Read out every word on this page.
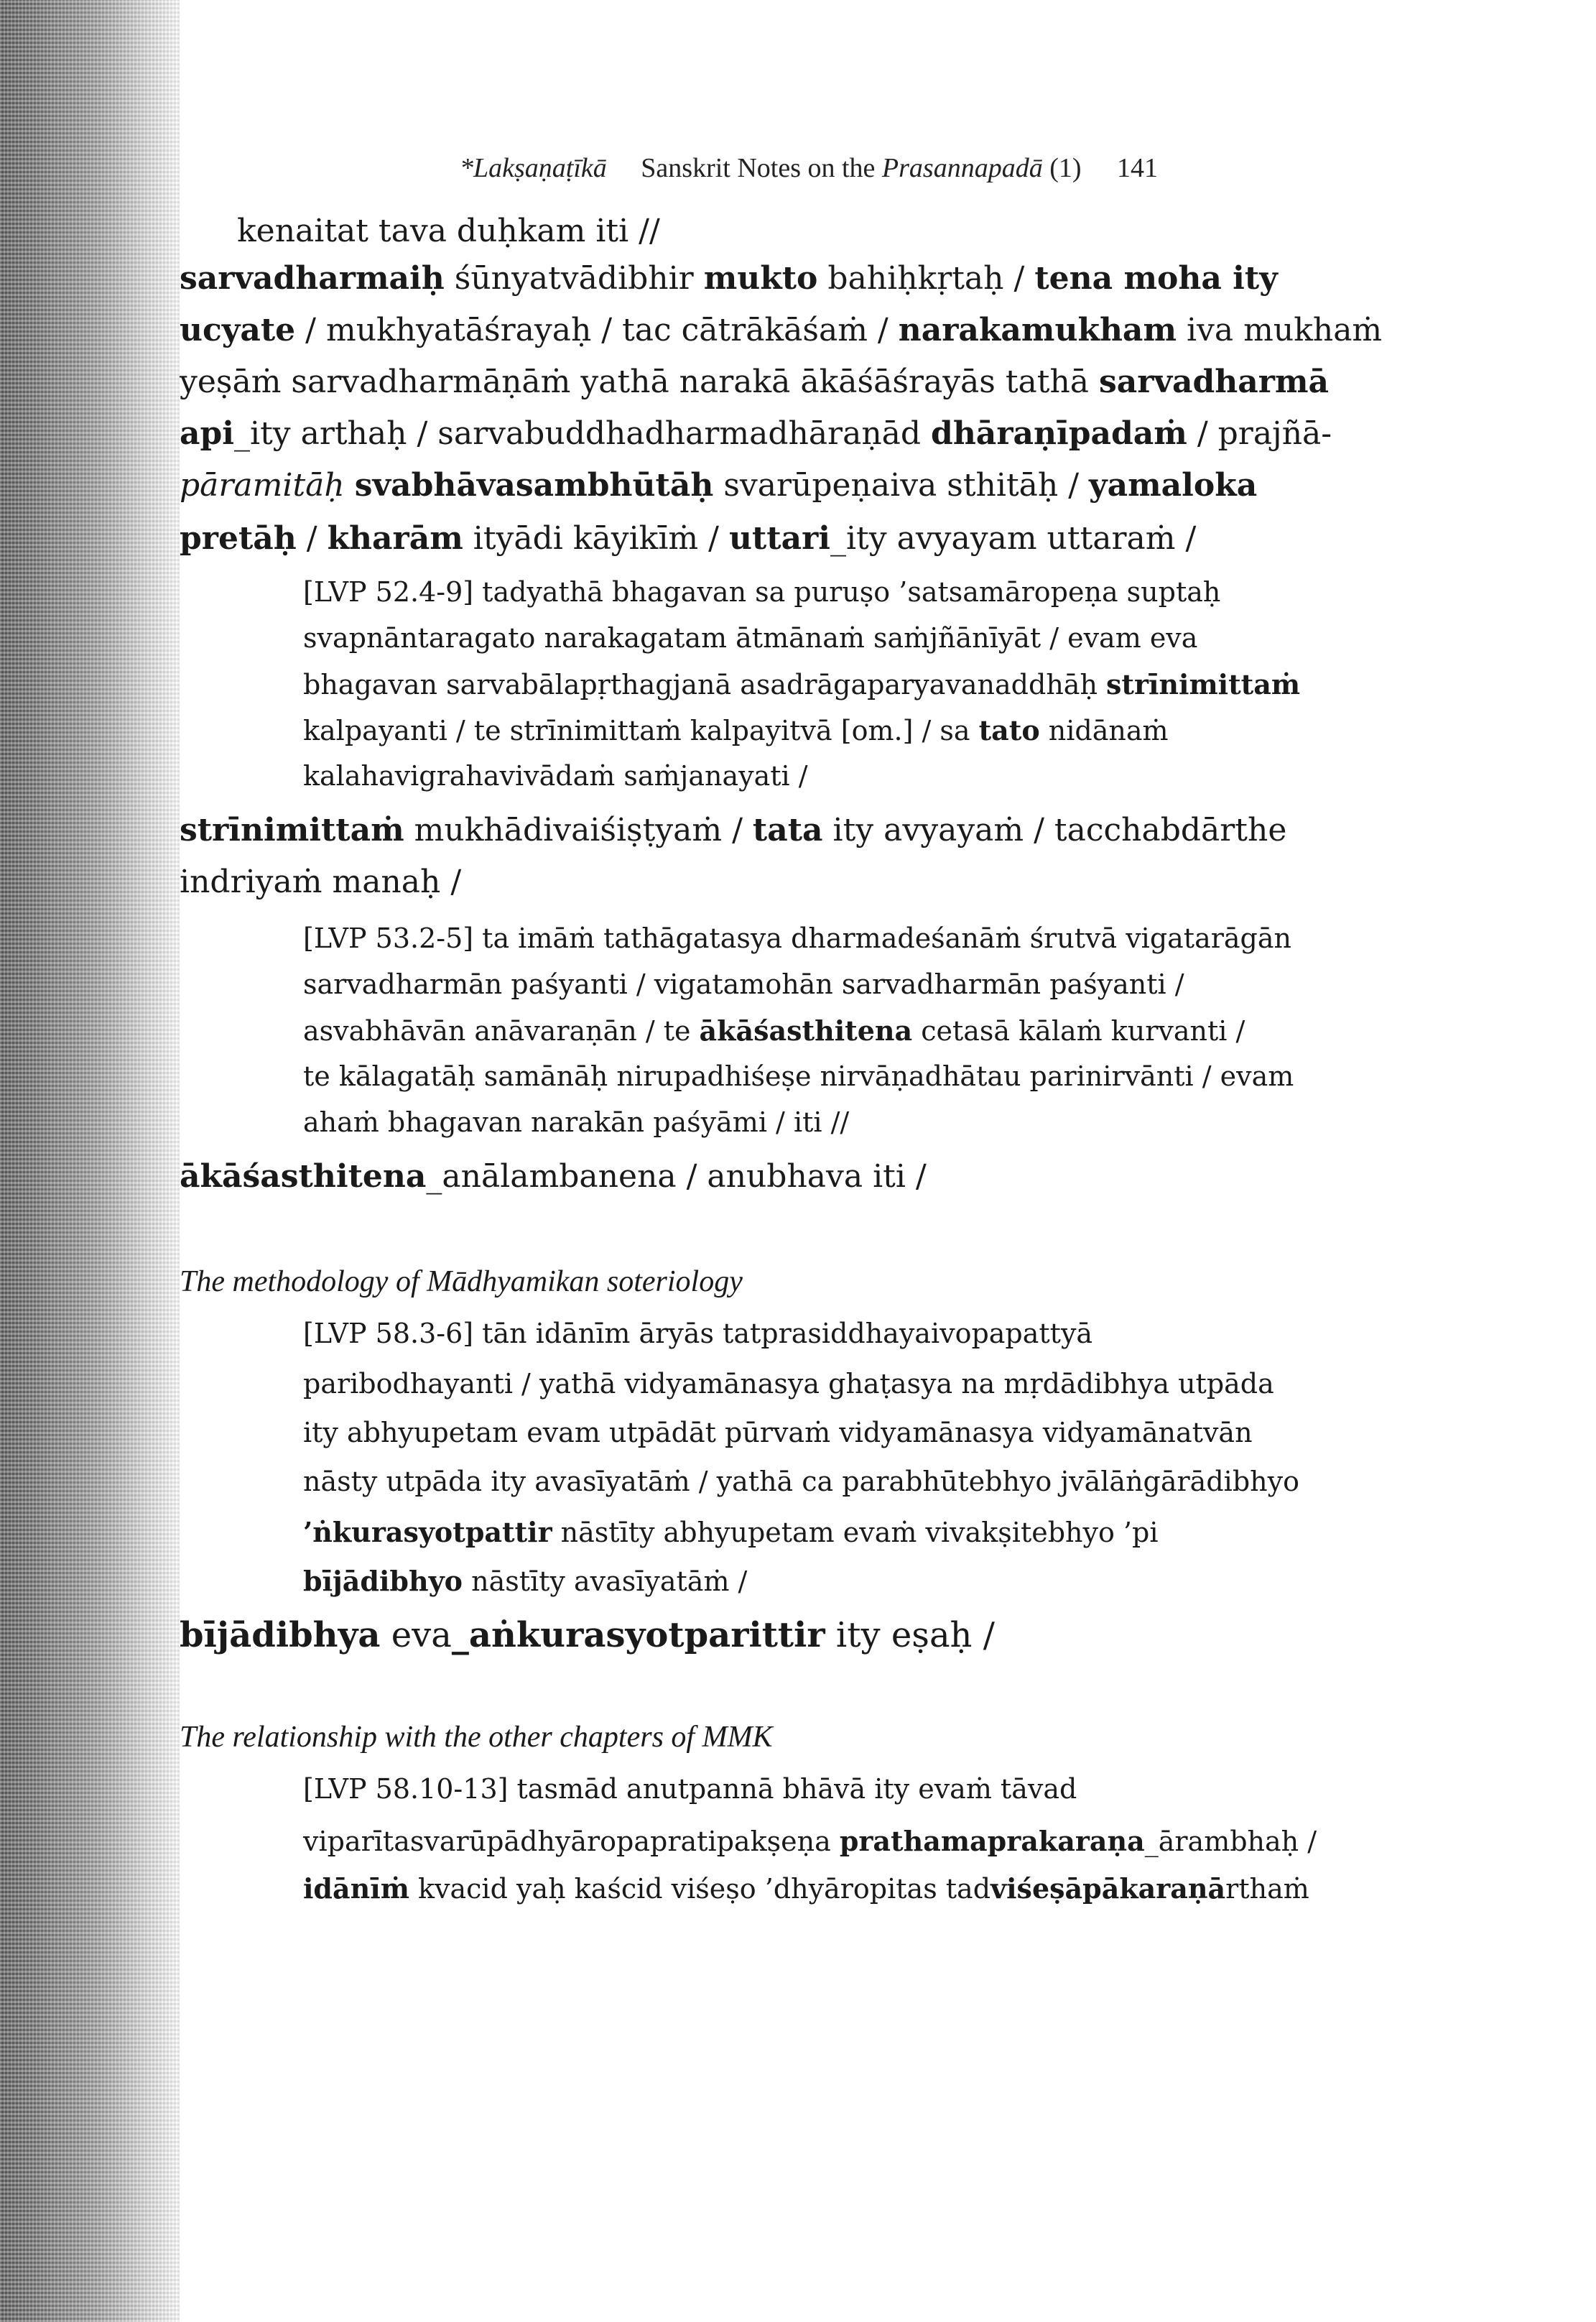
*Lakṣaṇaṭīkā Sanskrit Notes on the Prasannapadā (1) 141
kenaitat tava duḥkam iti //
sarvadharmaiḥ śūnyatvādibhir mukto bahiḥkṛtaḥ / tena moha ity
ucyate / mukhyatāśrayaḥ / tac cātrākāśaṁ / narakamukham iva mukhaṁ
yeṣāṁ sarvadharmāṇāṁ yathā narakā ākāśāśrayās tathā sarvadharmā
api_ity arthaḥ / sarvabuddhadharmadhāraṇād dhāraṇīpadaṁ / prajñā-
pāramitāḥ svabhāvasambhūtāḥ svarūpeṇaiva sthitāḥ / yamaloka
pretāḥ / kharām ityādi kāyikīṁ / uttari_ity avyayam uttaraṁ /
[LVP 52.4-9] tadyathā bhagavan sa puruṣo ’satsamāropeṇa suptaḥ
svapnāntaragato narakagatam ātmānaṁ saṁjñānīyāt / evam eva
bhagavan sarvabālapṛthagjanā asadrāgaparyavanaddhāḥ strīnimittaṁ
kalpayanti / te strīnimittaṁ kalpayitvā [om.] / sa tato nidānaṁ
kalahavigrahavivādaṁ saṁjanayati /
strīnimittaṁ mukhādivaiśiṣṭyaṁ / tata ity avyayaṁ / tacchabdārthe
indriyaṁ manaḥ /
[LVP 53.2-5] ta imāṁ tathāgatasya dharmadeśanāṁ śrutvā vigatarāgān
sarvadharmān paśyanti / vigatamohān sarvadharmān paśyanti /
asvabhāvān anāvaraṇān / te ākāśasthitena cetasā kālaṁ kurvanti /
te kālagatāḥ samānāḥ nirupadhiśeṣe nirvāṇadhātau parinirvānti / evam
ahaṁ bhagavan narakān paśyāmi / iti //
ākāśasthitena_anālambanena / anubhava iti /
The methodology of Mādhyamikan soteriology
[LVP 58.3-6] tān idānīm āryās tatprasiddhayaivopapattyā
paribodhayanti / yathā vidyamānasya ghaṭasya na mṛdādibhya utpāda
ity abhyupetam evam utpādāt pūrvaṁ vidyamānasya vidyamānatvān
nāsty utpāda ity avasīyatāṁ / yathā ca parabhūtebhyo jvālāṅgārādibhyo
’ṅkurasyotpattir nāstīty abhyupetam evaṁ vivakṣitebhyo ’pi
bījādibhyo nāstīty avasīyatāṁ /
bījādibhya eva_aṅkurasyotparittir ity eṣaḥ /
The relationship with the other chapters of MMK
[LVP 58.10-13] tasmād anutpannā bhāvā ity evaṁ tāvad
viparītasvarūpādhyāropapratipakṣeṇa prathamaprakaraṇa_ārambhaḥ /
idānīṁ kvacid yaḥ kaścid viśeṣo ’dhyāropitas tadviśeṣāpākaraṇārthaṁ
